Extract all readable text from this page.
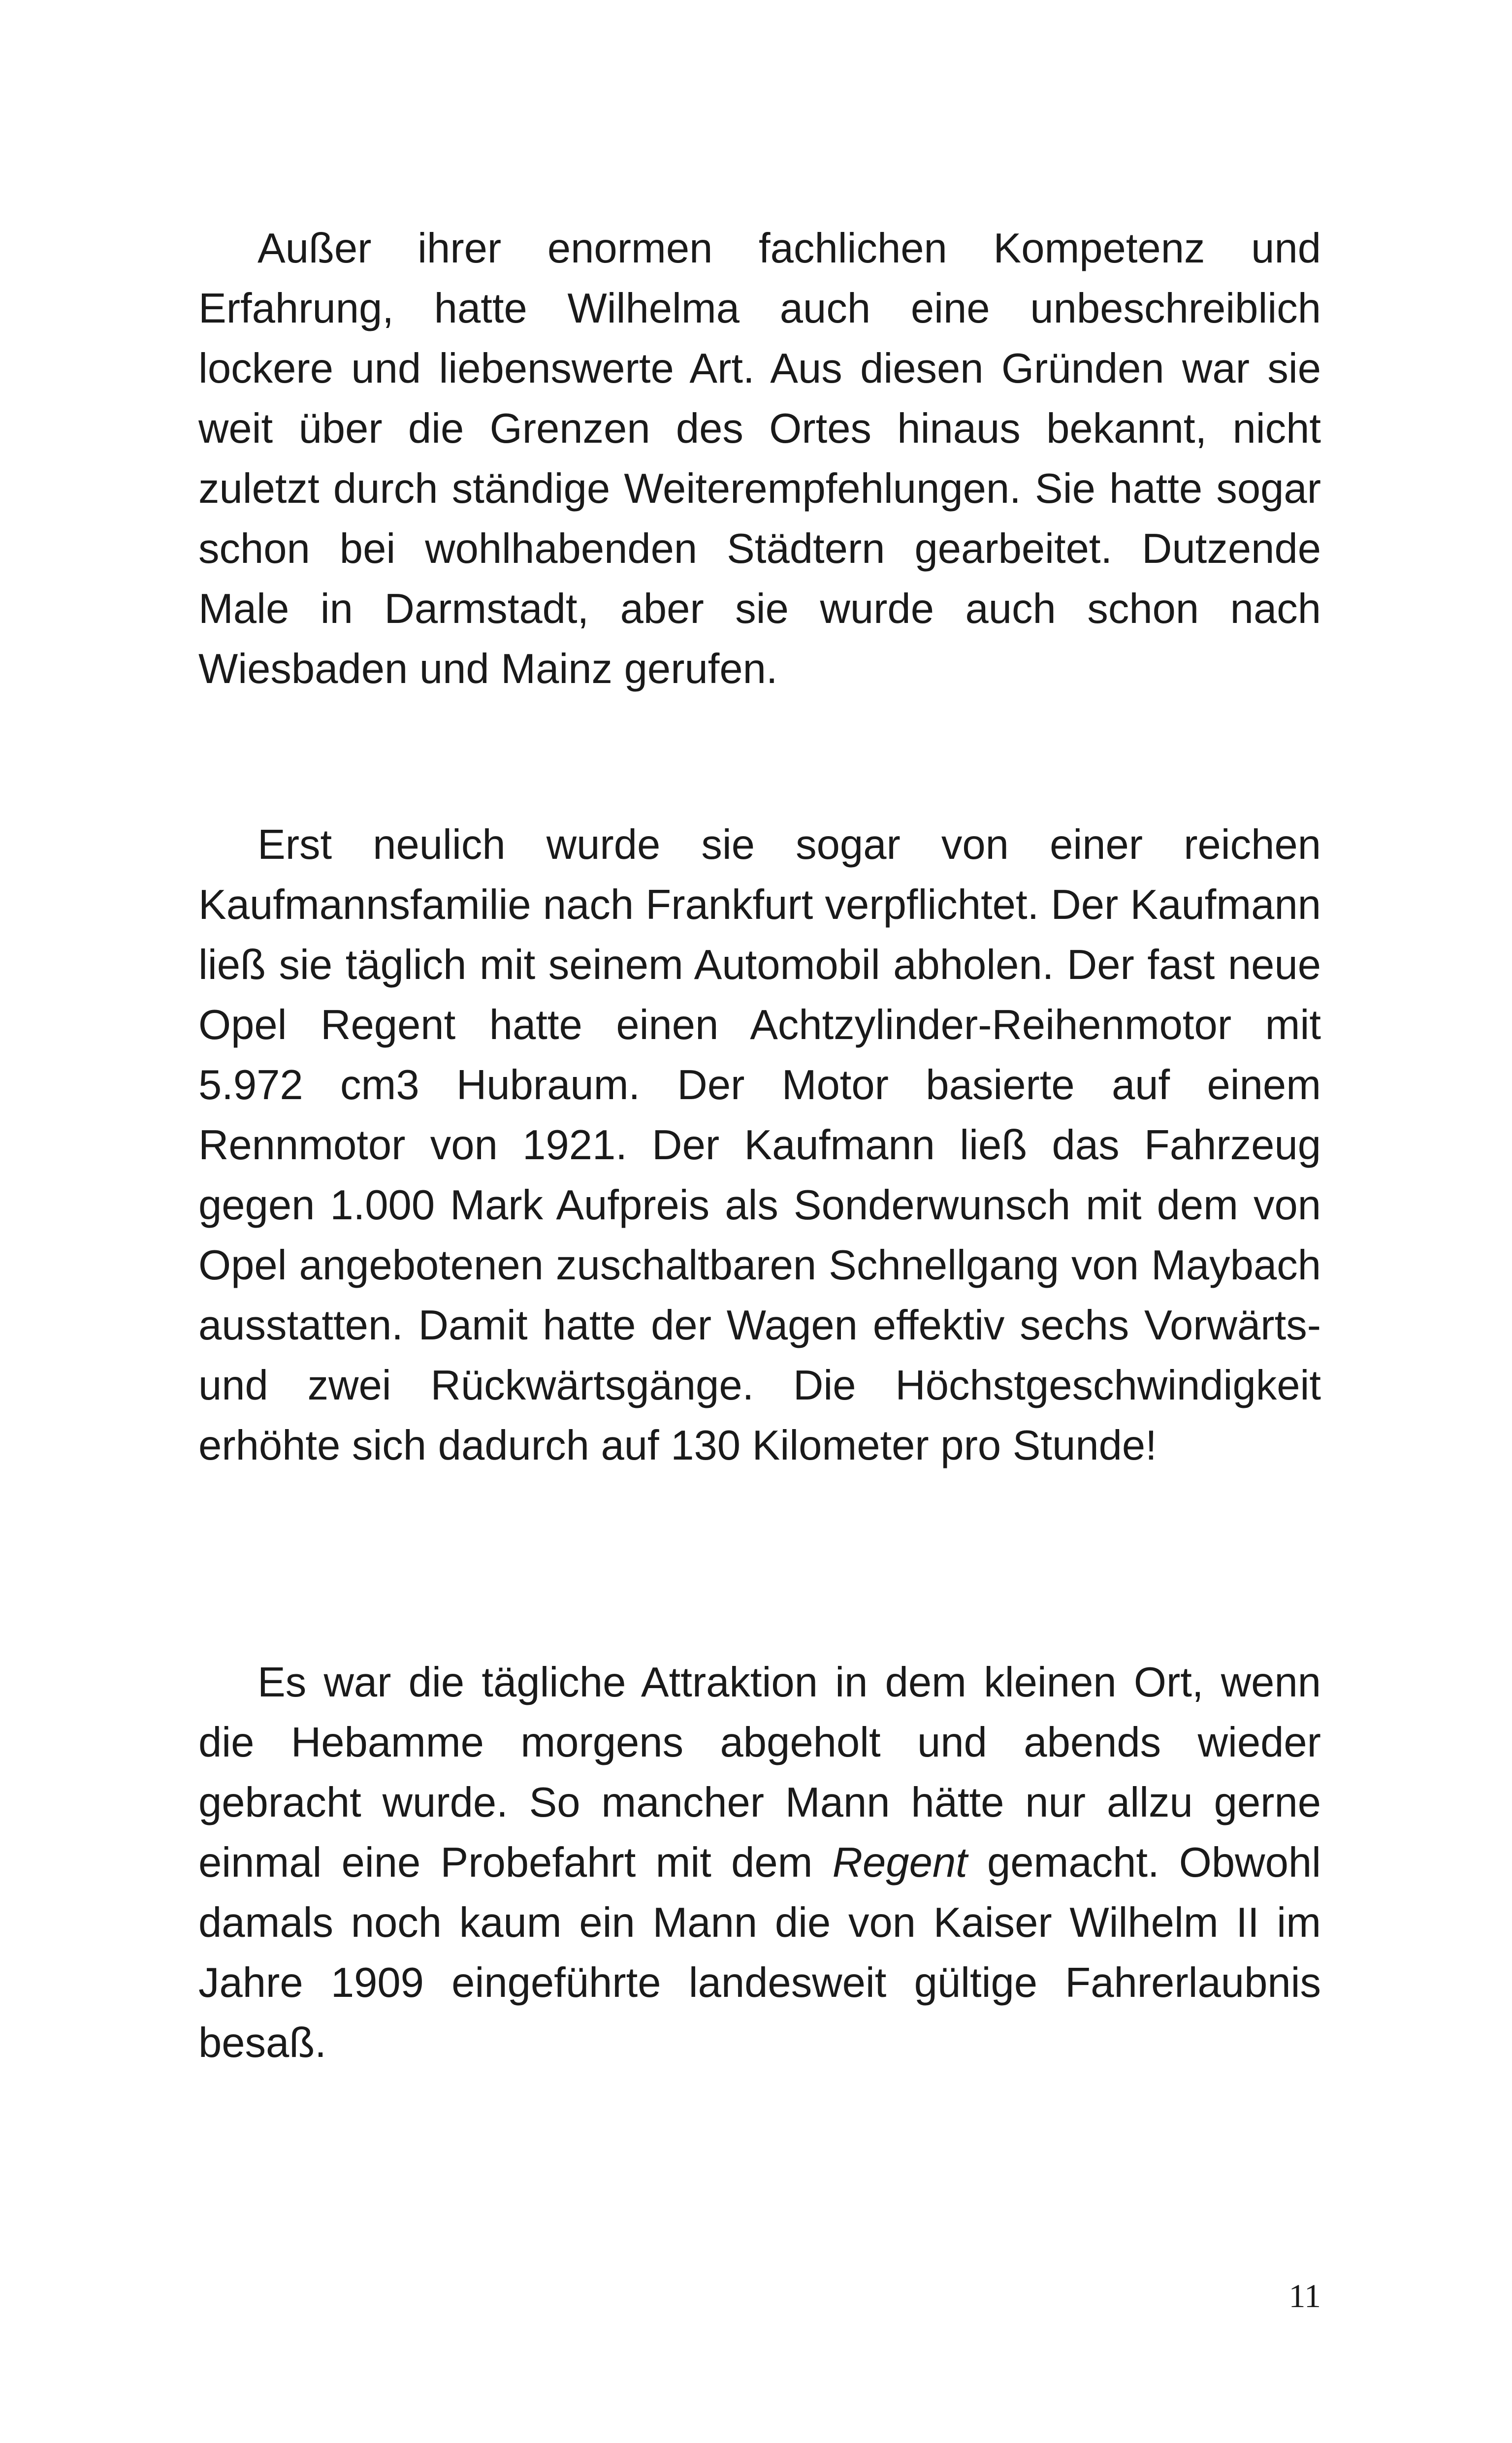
Außer ihrer enormen fachlichen Kompetenz und Erfahrung, hatte Wilhelma auch eine unbeschreiblich lockere und liebenswerte Art. Aus diesen Gründen war sie weit über die Grenzen des Ortes hinaus bekannt, nicht zuletzt durch ständige Weiterempfehlungen. Sie hatte sogar schon bei wohlhabenden Städtern gearbeitet. Dutzende Male in Darmstadt, aber sie wurde auch schon nach Wiesbaden und Mainz gerufen.

Erst neulich wurde sie sogar von einer reichen Kaufmannsfamilie nach Frankfurt verpflichtet. Der Kaufmann ließ sie täglich mit seinem Automobil abholen. Der fast neue Opel Regent hatte einen Achtzylinder-Reihenmotor mit 5.972 cm3 Hubraum. Der Motor basierte auf einem Rennmotor von 1921. Der Kaufmann ließ das Fahrzeug gegen 1.000 Mark Aufpreis als Sonderwunsch mit dem von Opel angebotenen zuschaltbaren Schnellgang von Maybach ausstatten. Damit hatte der Wagen effektiv sechs Vorwärts- und zwei Rückwärtsgänge. Die Höchstgeschwindigkeit erhöhte sich dadurch auf 130 Kilometer pro Stunde!

Es war die tägliche Attraktion in dem kleinen Ort, wenn die Hebamme morgens abgeholt und abends wieder gebracht wurde. So mancher Mann hätte nur allzu gerne einmal eine Probefahrt mit dem Regent gemacht. Obwohl damals noch kaum ein Mann die von Kaiser Wilhelm II im Jahre 1909 eingeführte landesweit gültige Fahrerlaubnis besaß.

11
